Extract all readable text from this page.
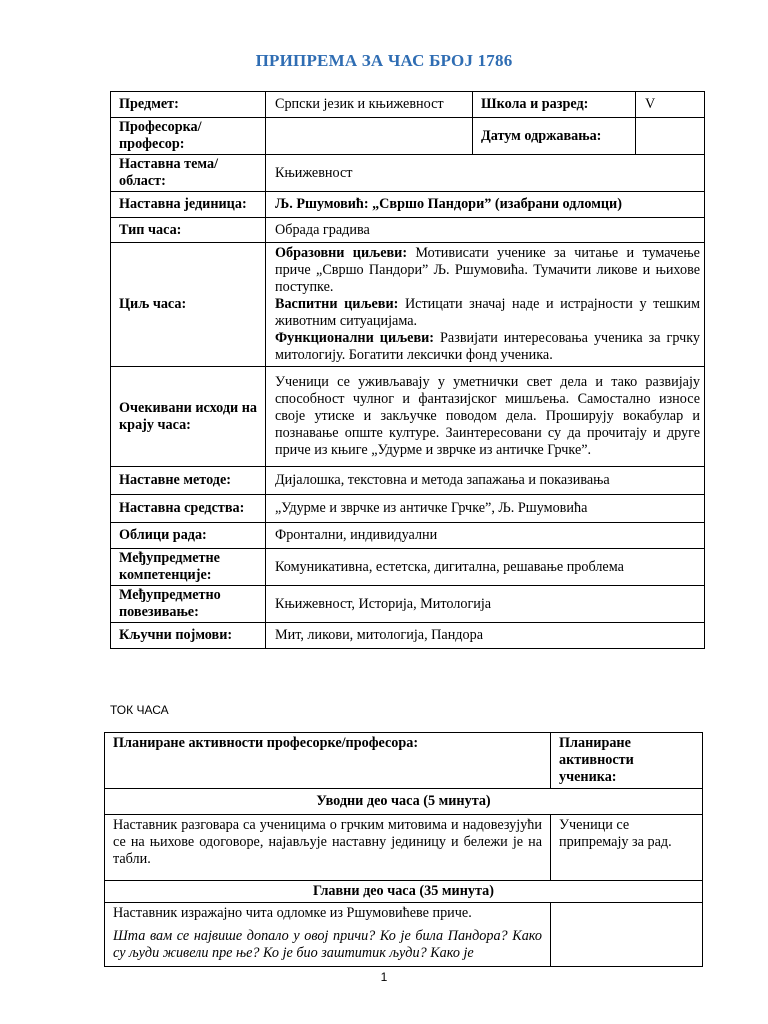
ПРИПРЕМА ЗА ЧАС БРОЈ 1786
Предмет:	Српски језик и књижевност	Школа и разред:	V
Професорка/ професор:		Датум одржавања:	
Наставна тема/област:	Књижевност		
Наставна јединица:	Љ. Ршумовић: „Свршо Пандори” (изабрани одломци)		
Тип часа:	Обрада градива		
Циљ часа:	Образовни циљеви: Мотивисати ученике за читање и тумачење приче „Свршо Пандори” Љ. Ршумовића. Тумачити ликове и њихове поступке.
Васпитни циљеви: Истицати значај наде и истрајности у тешким животним ситуацијама.
Функционални циљеви: Развијати интересовања ученика за грчку митологију. Богатити лексички фонд ученика.		

Очекивани исходи на крају часа:	Ученици се уживљавају у уметнички свет дела и тако развијају способност чулног и фантазијског мишљења. Самостално износе своје утиске и закључке поводом дела. Проширују вокабулар и познавање опште културе. Заинтересовани су да прочитају и друге приче из књиге „Удурме и зврчке из античке Грчке”.		
Наставне методе:	Дијалошка, текстовна и метода запажања и показивања		
Наставна средства:	„Удурме и зврчке из античке Грчке”, Љ. Ршумовића		
Облици рада:	Фронтални, индивидуални		
Међупредметне компетенције:	Комуникативна, естетска, дигитална, решавање проблема		
Међупредметно повезивање:	Књижевност, Историја, Митологија		
Кључни појмови:	Мит, ликови, митологија, Пандора		
ТОК ЧАСА
Планиране активности професорке/професора:	Планиране активности ученика:
Уводни део часа (5 минута)	
Наставник разговара са ученицима о грчким митовима и надовезујући се на њихове одоговоре, најављује наставну јединицу и бележи је на табли.	Ученици се припремају за рад.
Главни део часа (35 минута)	

Наставник изражајно чита одломке из Ршумовићеве приче.
Шта вам се највише допало у овој причи? Ко је била Пандора? Како су људи живели пре ње? Ко је био заштитик људи? Како је	

1
